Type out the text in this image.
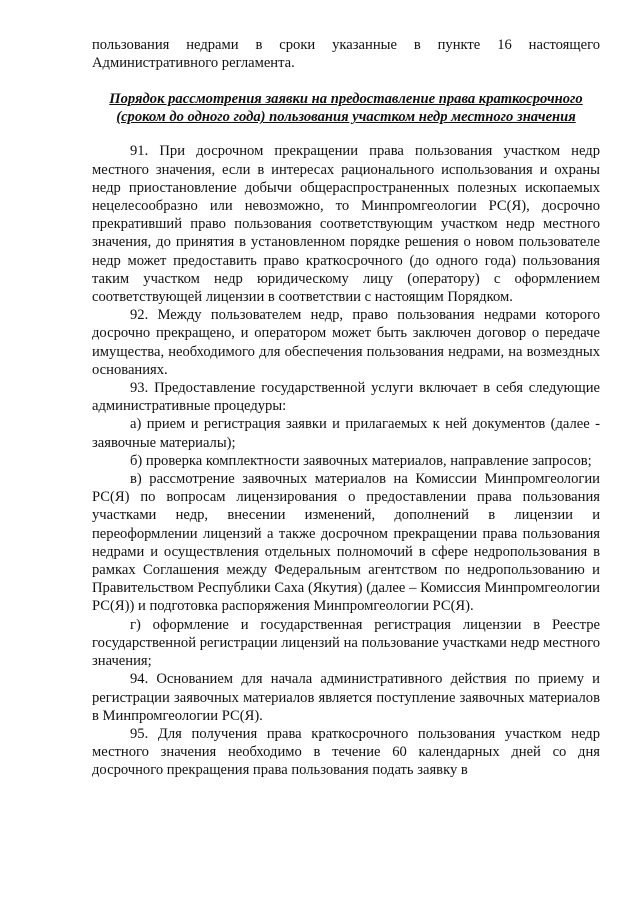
пользования недрами в сроки указанные в пункте 16 настоящего Административного регламента.

Порядок рассмотрения заявки на предоставление права краткосрочного (сроком до одного года) пользования участком недр местного значения

91. При досрочном прекращении права пользования участком недр местного значения, если в интересах рационального использования и охраны недр приостановление добычи общераспространенных полезных ископаемых нецелесообразно или невозможно, то Минпромгеологии РС(Я), досрочно прекративший право пользования соответствующим участком недр местного значения, до принятия в установленном порядке решения о новом пользователе недр может предоставить право краткосрочного (до одного года) пользования таким участком недр юридическому лицу (оператору) с оформлением соответствующей лицензии в соответствии с настоящим Порядком.

92. Между пользователем недр, право пользования недрами которого досрочно прекращено, и оператором может быть заключен договор о передаче имущества, необходимого для обеспечения пользования недрами, на возмездных основаниях.

93. Предоставление государственной услуги включает в себя следующие административные процедуры:

а) прием и регистрация заявки и прилагаемых к ней документов (далее - заявочные материалы);

б) проверка комплектности заявочных материалов, направление запросов;

в) рассмотрение заявочных материалов на Комиссии Минпромгеологии РС(Я) по вопросам лицензирования о предоставлении права пользования участками недр, внесении изменений, дополнений в лицензии и переоформлении лицензий а также досрочном прекращении права пользования недрами и осуществления отдельных полномочий в сфере недропользования в рамках Соглашения между Федеральным агентством по недропользованию и Правительством Республики Саха (Якутия) (далее – Комиссия Минпромгеологии РС(Я)) и подготовка распоряжения Минпромгеологии РС(Я).

г) оформление и государственная регистрация лицензии в Реестре государственной регистрации лицензий на пользование участками недр местного значения;

94. Основанием для начала административного действия по приему и регистрации заявочных материалов является поступление заявочных материалов в Минпромгеологии РС(Я).

95. Для получения права краткосрочного пользования участком недр местного значения необходимо в течение 60 календарных дней со дня досрочного прекращения права пользования подать заявку в
